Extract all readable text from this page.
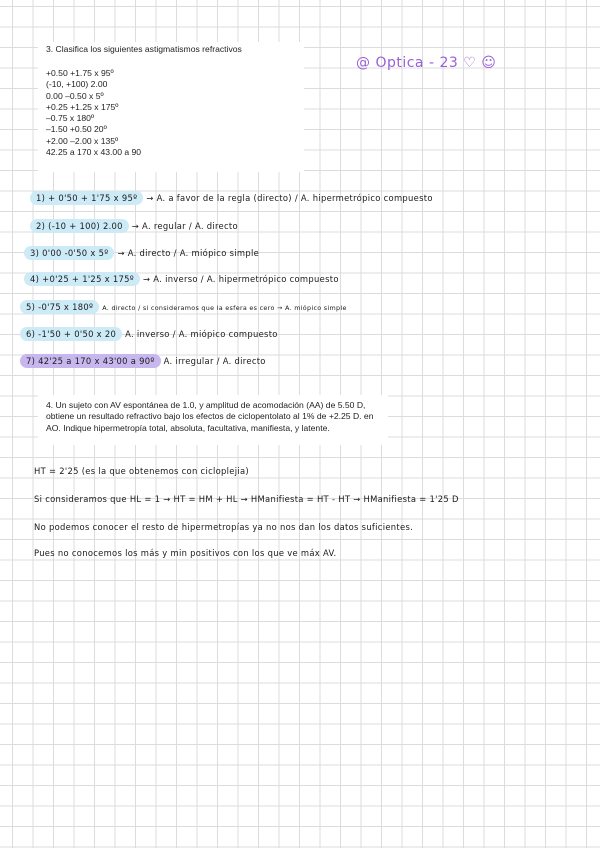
3. Clasifica los siguientes astigmatismos refractivos
+0.50 +1.75 x 95º
(-10, +100) 2.00
0.00 –0.50 x 5º
+0.25 +1.25 x 175º
–0.75 x 180º
–1.50 +0.50 20º
+2.00 –2.00 x 135º
42.25 a 170 x 43.00 a 90
@ Optica - 23 ♡ ☺
1) + 0'50 + 1'75 x 95º → A. a favor de la regla (directo) / A. hipermetrópico compuesto
2) (-10 + 100) 2.00 → A. regular / A. directo
3) 0'00 -0'50 x 5º → A. directo / A. miópico simple
4) +0'25 + 1'25 x 175º → A. inverso / A. hipermetrópico compuesto
5) -0'75 x 180º A. directo / si consideramos que la esfera es cero → A. miópico simple
6) -1'50 + 0'50 x 20 A. inverso / A. miópico compuesto
7) 42'25 a 170 x 43'00 a 90º A. irregular / A. directo
4. Un sujeto con AV espontánea de 1.0, y amplitud de acomodación (AA) de 5.50 D, obtiene un resultado refractivo bajo los efectos de ciclopentolato al 1% de +2.25 D. en AO. Indique hipermetropía total, absoluta, facultativa, manifiesta, y latente.
HT = 2'25 (es la que obtenemos con cicloplejia)
Si consideramos que HL = 1 → HT = HM + HL → HManifiesta = HT - HT → HManifiesta = 1'25 D
No podemos conocer el resto de hipermetropías ya no nos dan los datos suficientes.
Pues no conocemos los más y min positivos con los que ve máx AV.
